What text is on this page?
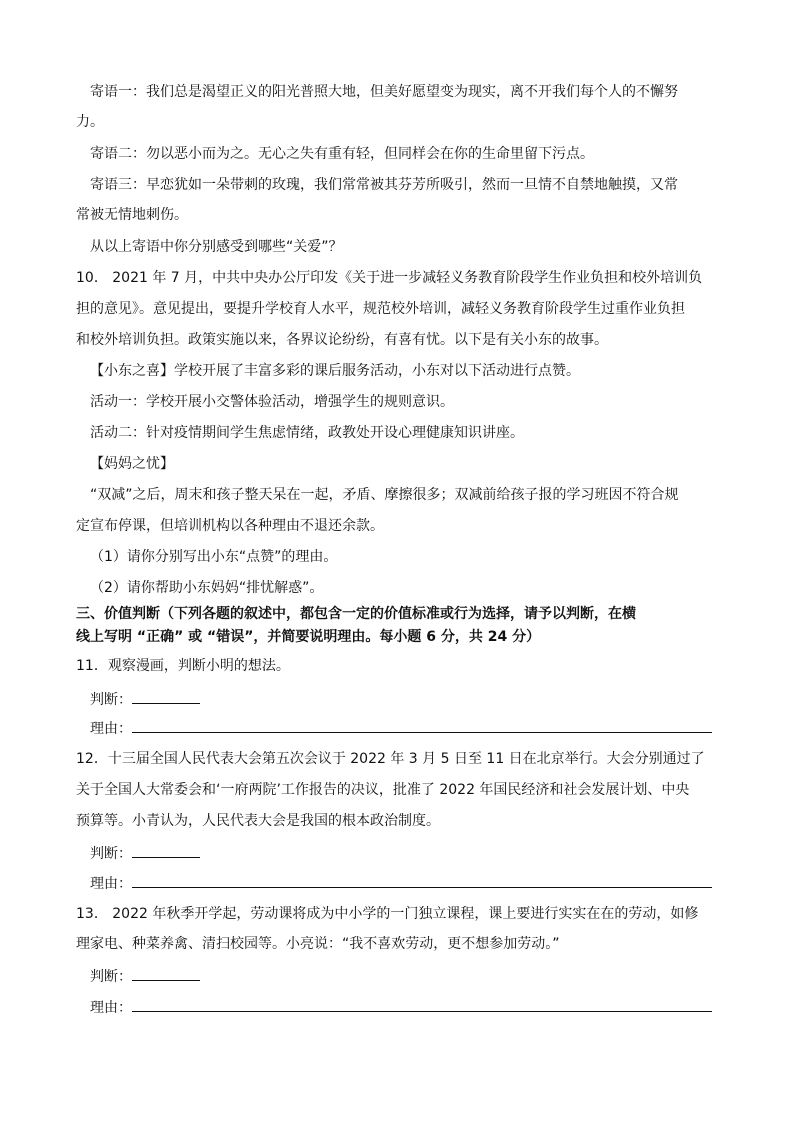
寄语一：我们总是渴望正义的阳光普照大地，但美好愿望变为现实，离不开我们每个人的不懈努
力。
寄语二：勿以恶小而为之。无心之失有重有轻，但同样会在你的生命里留下污点。
寄语三：早恋犹如一朵带刺的玫瑰，我们常常被其芬芳所吸引，然而一旦情不自禁地触摸，又常
常被无情地刺伤。
从以上寄语中你分别感受到哪些“关爱”？
10． 2021 年 7 月，中共中央办公厅印发《关于进一步减轻义务教育阶段学生作业负担和校外培训负
担的意见》。意见提出，要提升学校育人水平，规范校外培训，减轻义务教育阶段学生过重作业负担
和校外培训负担。政策实施以来，各界议论纷纷，有喜有忧。以下是有关小东的故事。
【小东之喜】学校开展了丰富多彩的课后服务活动，小东对以下活动进行点赞。
活动一：学校开展小交警体验活动，增强学生的规则意识。
活动二：针对疫情期间学生焦虑情绪，政教处开设心理健康知识讲座。
【妈妈之忧】
“双减”之后，周末和孩子整天呆在一起，矛盾、摩擦很多；双减前给孩子报的学习班因不符合规
定宣布停课，但培训机构以各种理由不退还余款。
（1）请你分别写出小东“点赞”的理由。
（2）请你帮助小东妈妈“排忧解惑”。
三、价值判断（下列各题的叙述中，都包含一定的价值标准或行为选择，请予以判断，在横
线上写明 “正确” 或 “错误”，并简要说明理由。每小题 6 分，共 24 分）
11．观察漫画，判断小明的想法。
判断：
理由：
12．十三届全国人民代表大会第五次会议于 2022 年 3 月 5 日至 11 日在北京举行。大会分别通过了
关于全国人大常委会和‘一府两院’工作报告的决议，批准了 2022 年国民经济和社会发展计划、中央
预算等。小青认为，人民代表大会是我国的根本政治制度。
判断：
理由：
13． 2022 年秋季开学起，劳动课将成为中小学的一门独立课程，课上要进行实实在在的劳动，如修
理家电、种菜养禽、清扫校园等。小亮说：“我不喜欢劳动，更不想参加劳动。”
判断：
理由：
